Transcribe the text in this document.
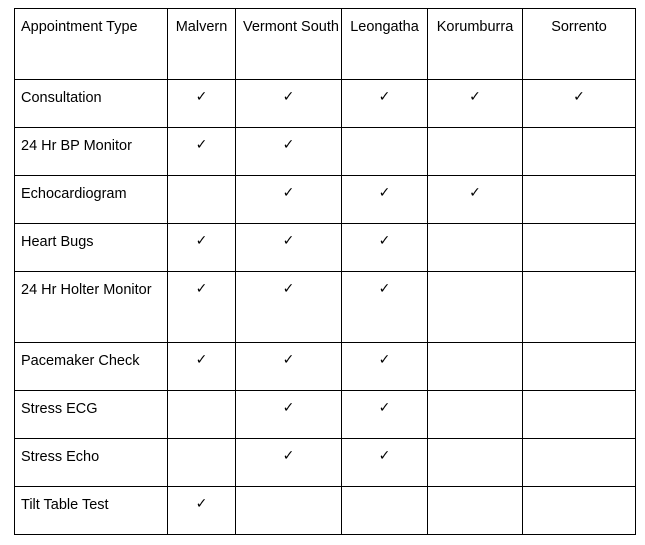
Appointment Type	Malvern	Vermont South	Leongatha	Korumburra	Sorrento
Consultation	✓	✓	✓	✓	✓
24 Hr BP Monitor	✓	✓			
Echocardiogram		✓	✓	✓	
Heart Bugs	✓	✓	✓		
24 Hr Holter Monitor	✓	✓	✓		
Pacemaker Check	✓	✓	✓		
Stress ECG		✓	✓		
Stress Echo		✓	✓		
Tilt Table Test	✓				
